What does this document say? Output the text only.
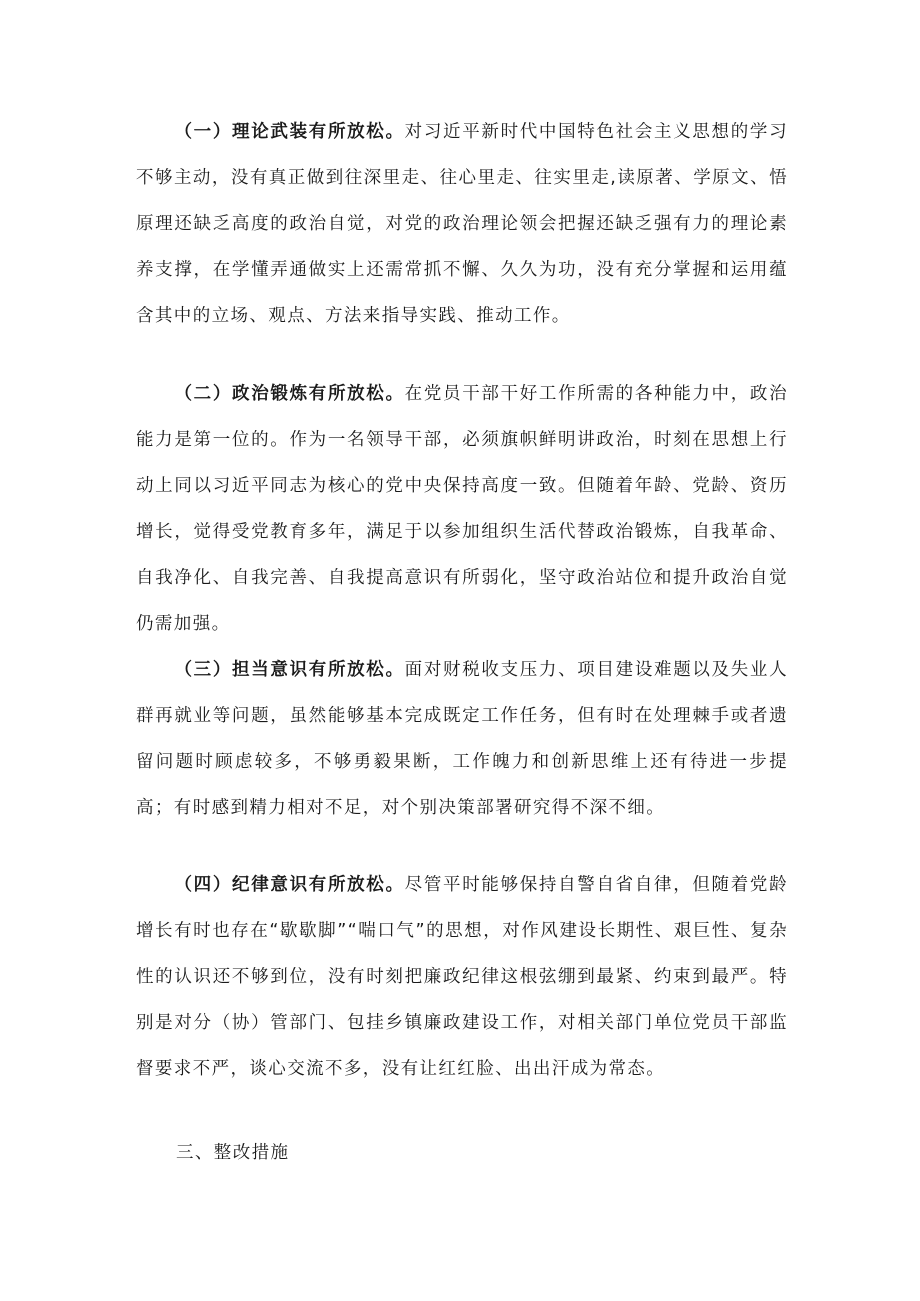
（一）理论武装有所放松。对习近平新时代中国特色社会主义思想的学习不够主动，没有真正做到往深里走、往心里走、往实里走,读原著、学原文、悟原理还缺乏高度的政治自觉，对党的政治理论领会把握还缺乏强有力的理论素养支撑，在学懂弄通做实上还需常抓不懈、久久为功，没有充分掌握和运用蕴含其中的立场、观点、方法来指导实践、推动工作。

（二）政治锻炼有所放松。在党员干部干好工作所需的各种能力中，政治能力是第一位的。作为一名领导干部，必须旗帜鲜明讲政治，时刻在思想上行动上同以习近平同志为核心的党中央保持高度一致。但随着年龄、党龄、资历增长，觉得受党教育多年，满足于以参加组织生活代替政治锻炼，自我革命、自我净化、自我完善、自我提高意识有所弱化，坚守政治站位和提升政治自觉仍需加强。

（三）担当意识有所放松。面对财税收支压力、项目建设难题以及失业人群再就业等问题，虽然能够基本完成既定工作任务，但有时在处理棘手或者遗留问题时顾虑较多，不够勇毅果断，工作魄力和创新思维上还有待进一步提高；有时感到精力相对不足，对个别决策部署研究得不深不细。

（四）纪律意识有所放松。尽管平时能够保持自警自省自律，但随着党龄增长有时也存在“歇歇脚”“喘口气”的思想，对作风建设长期性、艰巨性、复杂性的认识还不够到位，没有时刻把廉政纪律这根弦绷到最紧、约束到最严。特别是对分（协）管部门、包挂乡镇廉政建设工作，对相关部门单位党员干部监督要求不严，谈心交流不多，没有让红红脸、出出汗成为常态。

三、整改措施
